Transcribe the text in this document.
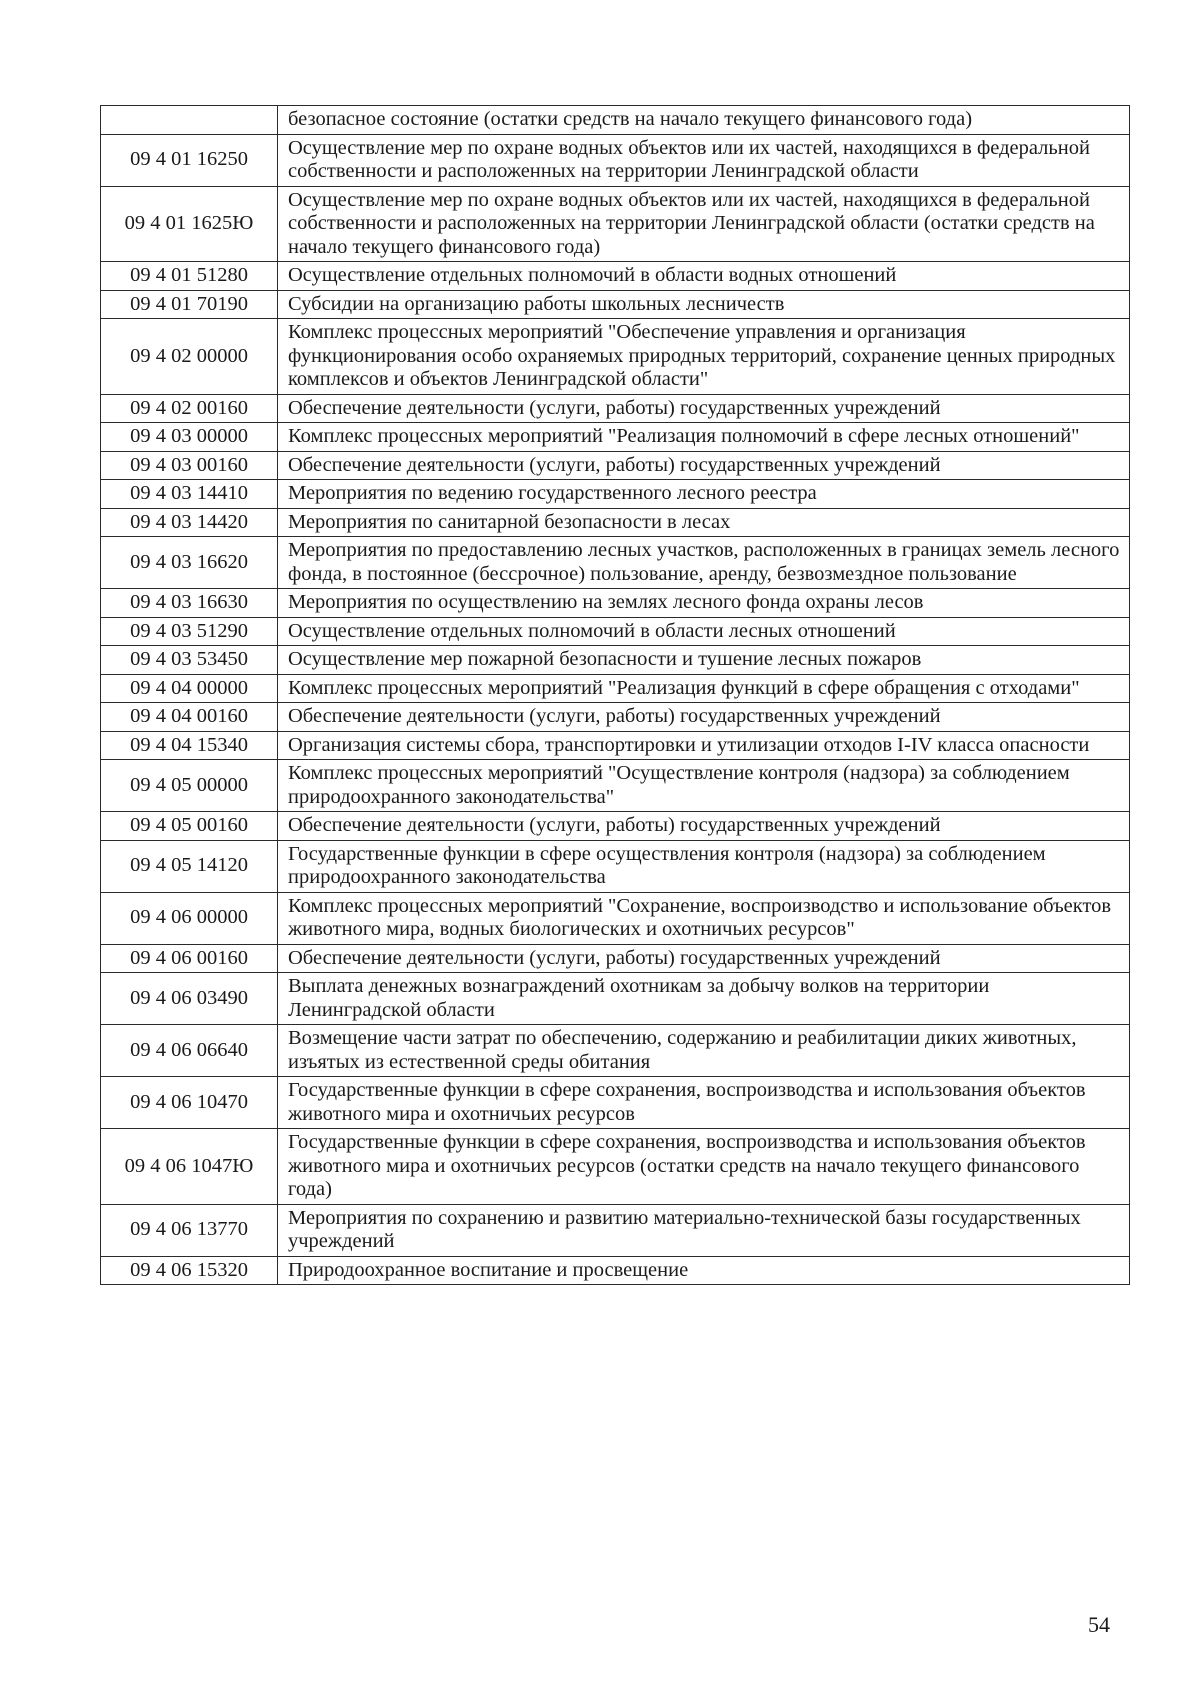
	безопасное состояние (остатки средств на начало текущего финансового года)
09 4 01 16250	Осуществление мер по охране водных объектов или их частей, находящихся в федеральной собственности и расположенных на территории Ленинградской области
09 4 01 1625Ю	Осуществление мер по охране водных объектов или их частей, находящихся в федеральной собственности и расположенных на территории Ленинградской области (остатки средств на начало текущего финансового года)
09 4 01 51280	Осуществление отдельных полномочий в области водных отношений
09 4 01 70190	Субсидии на организацию работы школьных лесничеств
09 4 02 00000	Комплекс процессных мероприятий "Обеспечение управления и организация функционирования особо охраняемых природных территорий, сохранение ценных природных комплексов и объектов Ленинградской области"
09 4 02 00160	Обеспечение деятельности (услуги, работы) государственных учреждений
09 4 03 00000	Комплекс процессных мероприятий "Реализация полномочий в сфере лесных отношений"
09 4 03 00160	Обеспечение деятельности (услуги, работы) государственных учреждений
09 4 03 14410	Мероприятия по ведению государственного лесного реестра
09 4 03 14420	Мероприятия по санитарной безопасности в лесах
09 4 03 16620	Мероприятия по предоставлению лесных участков, расположенных в границах земель лесного фонда, в постоянное (бессрочное) пользование, аренду, безвозмездное пользование
09 4 03 16630	Мероприятия по осуществлению на землях лесного фонда охраны лесов
09 4 03 51290	Осуществление отдельных полномочий в области лесных отношений
09 4 03 53450	Осуществление мер пожарной безопасности и тушение лесных пожаров
09 4 04 00000	Комплекс процессных мероприятий "Реализация функций в сфере обращения с отходами"
09 4 04 00160	Обеспечение деятельности (услуги, работы) государственных учреждений
09 4 04 15340	Организация системы сбора, транспортировки и утилизации отходов I-IV класса опасности
09 4 05 00000	Комплекс процессных мероприятий "Осуществление контроля (надзора) за соблюдением природоохранного законодательства"
09 4 05 00160	Обеспечение деятельности (услуги, работы) государственных учреждений
09 4 05 14120	Государственные функции в сфере осуществления контроля (надзора) за соблюдением природоохранного законодательства
09 4 06 00000	Комплекс процессных мероприятий "Сохранение, воспроизводство и использование объектов животного мира, водных биологических и охотничьих ресурсов"
09 4 06 00160	Обеспечение деятельности (услуги, работы) государственных учреждений
09 4 06 03490	Выплата денежных вознаграждений охотникам за добычу волков на территории Ленинградской области
09 4 06 06640	Возмещение части затрат по обеспечению, содержанию и реабилитации диких животных, изъятых из естественной среды обитания
09 4 06 10470	Государственные функции в сфере сохранения, воспроизводства и использования объектов животного мира и охотничьих ресурсов
09 4 06 1047Ю	Государственные функции в сфере сохранения, воспроизводства и использования объектов животного мира и охотничьих ресурсов (остатки средств на начало текущего финансового года)
09 4 06 13770	Мероприятия по сохранению и развитию материально-технической базы государственных учреждений
09 4 06 15320	Природоохранное воспитание и просвещение
54
